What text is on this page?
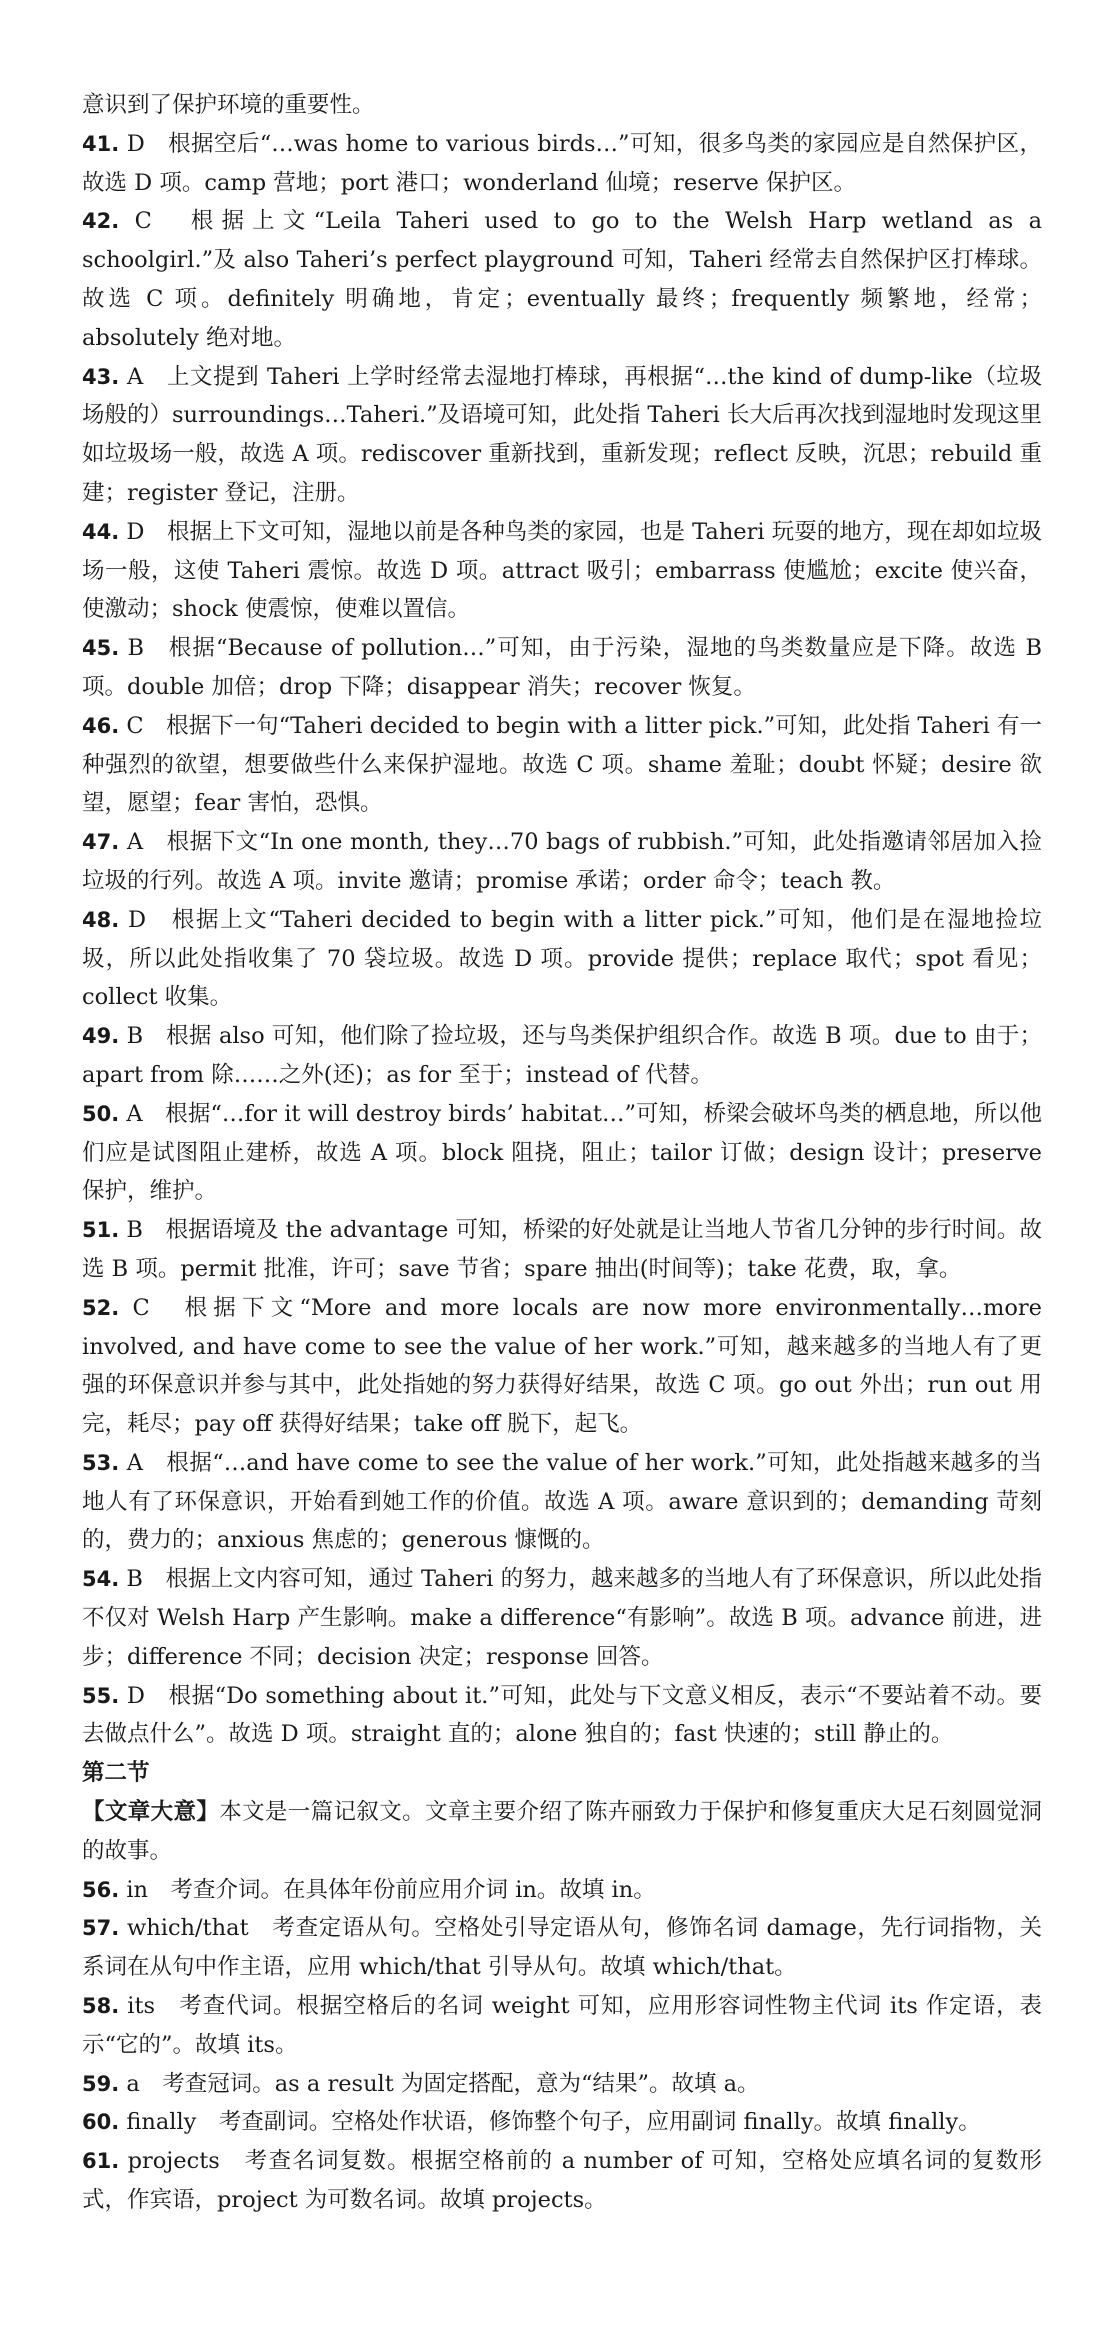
意识到了保护环境的重要性。

41. D　根据空后“…was home to various birds…”可知，很多鸟类的家园应是自然保护区，故选 D 项。camp 营地；port 港口；wonderland 仙境；reserve 保护区。

42. C　根据上文“Leila Taheri used to go to the Welsh Harp wetland as a schoolgirl.”及 also Taheri’s perfect playground 可知，Taheri 经常去自然保护区打棒球。故选 C 项。definitely 明确地，肯定；eventually 最终；frequently 频繁地，经常；absolutely 绝对地。

43. A　上文提到 Taheri 上学时经常去湿地打棒球，再根据“…the kind of dump-like（垃圾场般的）surroundings…Taheri.”及语境可知，此处指 Taheri 长大后再次找到湿地时发现这里如垃圾场一般，故选 A 项。rediscover 重新找到，重新发现；reflect 反映，沉思；rebuild 重建；register 登记，注册。

44. D　根据上下文可知，湿地以前是各种鸟类的家园，也是 Taheri 玩耍的地方，现在却如垃圾场一般，这使 Taheri 震惊。故选 D 项。attract 吸引；embarrass 使尴尬；excite 使兴奋，使激动；shock 使震惊，使难以置信。

45. B　根据“Because of pollution…”可知，由于污染，湿地的鸟类数量应是下降。故选 B 项。double 加倍；drop 下降；disappear 消失；recover 恢复。

46. C　根据下一句“Taheri decided to begin with a litter pick.”可知，此处指 Taheri 有一种强烈的欲望，想要做些什么来保护湿地。故选 C 项。shame 羞耻；doubt 怀疑；desire 欲望，愿望；fear 害怕，恐惧。

47. A　根据下文“In one month, they…70 bags of rubbish.”可知，此处指邀请邻居加入捡垃圾的行列。故选 A 项。invite 邀请；promise 承诺；order 命令；teach 教。

48. D　根据上文“Taheri decided to begin with a litter pick.”可知，他们是在湿地捡垃圾，所以此处指收集了 70 袋垃圾。故选 D 项。provide 提供；replace 取代；spot 看见；collect 收集。

49. B　根据 also 可知，他们除了捡垃圾，还与鸟类保护组织合作。故选 B 项。due to 由于；apart from 除……之外(还)；as for 至于；instead of 代替。

50. A　根据“…for it will destroy birds’ habitat…”可知，桥梁会破坏鸟类的栖息地，所以他们应是试图阻止建桥，故选 A 项。block 阻挠，阻止；tailor 订做；design 设计；preserve 保护，维护。

51. B　根据语境及 the advantage 可知，桥梁的好处就是让当地人节省几分钟的步行时间。故选 B 项。permit 批准，许可；save 节省；spare 抽出(时间等)；take 花费，取，拿。

52. C　根据下文“More and more locals are now more environmentally…more involved, and have come to see the value of her work.”可知，越来越多的当地人有了更强的环保意识并参与其中，此处指她的努力获得好结果，故选 C 项。go out 外出；run out 用完，耗尽；pay off 获得好结果；take off 脱下，起飞。

53. A　根据“…and have come to see the value of her work.”可知，此处指越来越多的当地人有了环保意识，开始看到她工作的价值。故选 A 项。aware 意识到的；demanding 苛刻的，费力的；anxious 焦虑的；generous 慷慨的。

54. B　根据上文内容可知，通过 Taheri 的努力，越来越多的当地人有了环保意识，所以此处指不仅对 Welsh Harp 产生影响。make a difference“有影响”。故选 B 项。advance 前进，进步；difference 不同；decision 决定；response 回答。

55. D　根据“Do something about it.”可知，此处与下文意义相反，表示“不要站着不动。要去做点什么”。故选 D 项。straight 直的；alone 独自的；fast 快速的；still 静止的。

第二节

【文章大意】本文是一篇记叙文。文章主要介绍了陈卉丽致力于保护和修复重庆大足石刻圆觉洞的故事。

56. in　考查介词。在具体年份前应用介词 in。故填 in。

57. which/that　考查定语从句。空格处引导定语从句，修饰名词 damage，先行词指物，关系词在从句中作主语，应用 which/that 引导从句。故填 which/that。

58. its　考查代词。根据空格后的名词 weight 可知，应用形容词性物主代词 its 作定语，表示“它的”。故填 its。

59. a　考查冠词。as a result 为固定搭配，意为“结果”。故填 a。

60. finally　考查副词。空格处作状语，修饰整个句子，应用副词 finally。故填 finally。

61. projects　考查名词复数。根据空格前的 a number of 可知，空格处应填名词的复数形式，作宾语，project 为可数名词。故填 projects。
